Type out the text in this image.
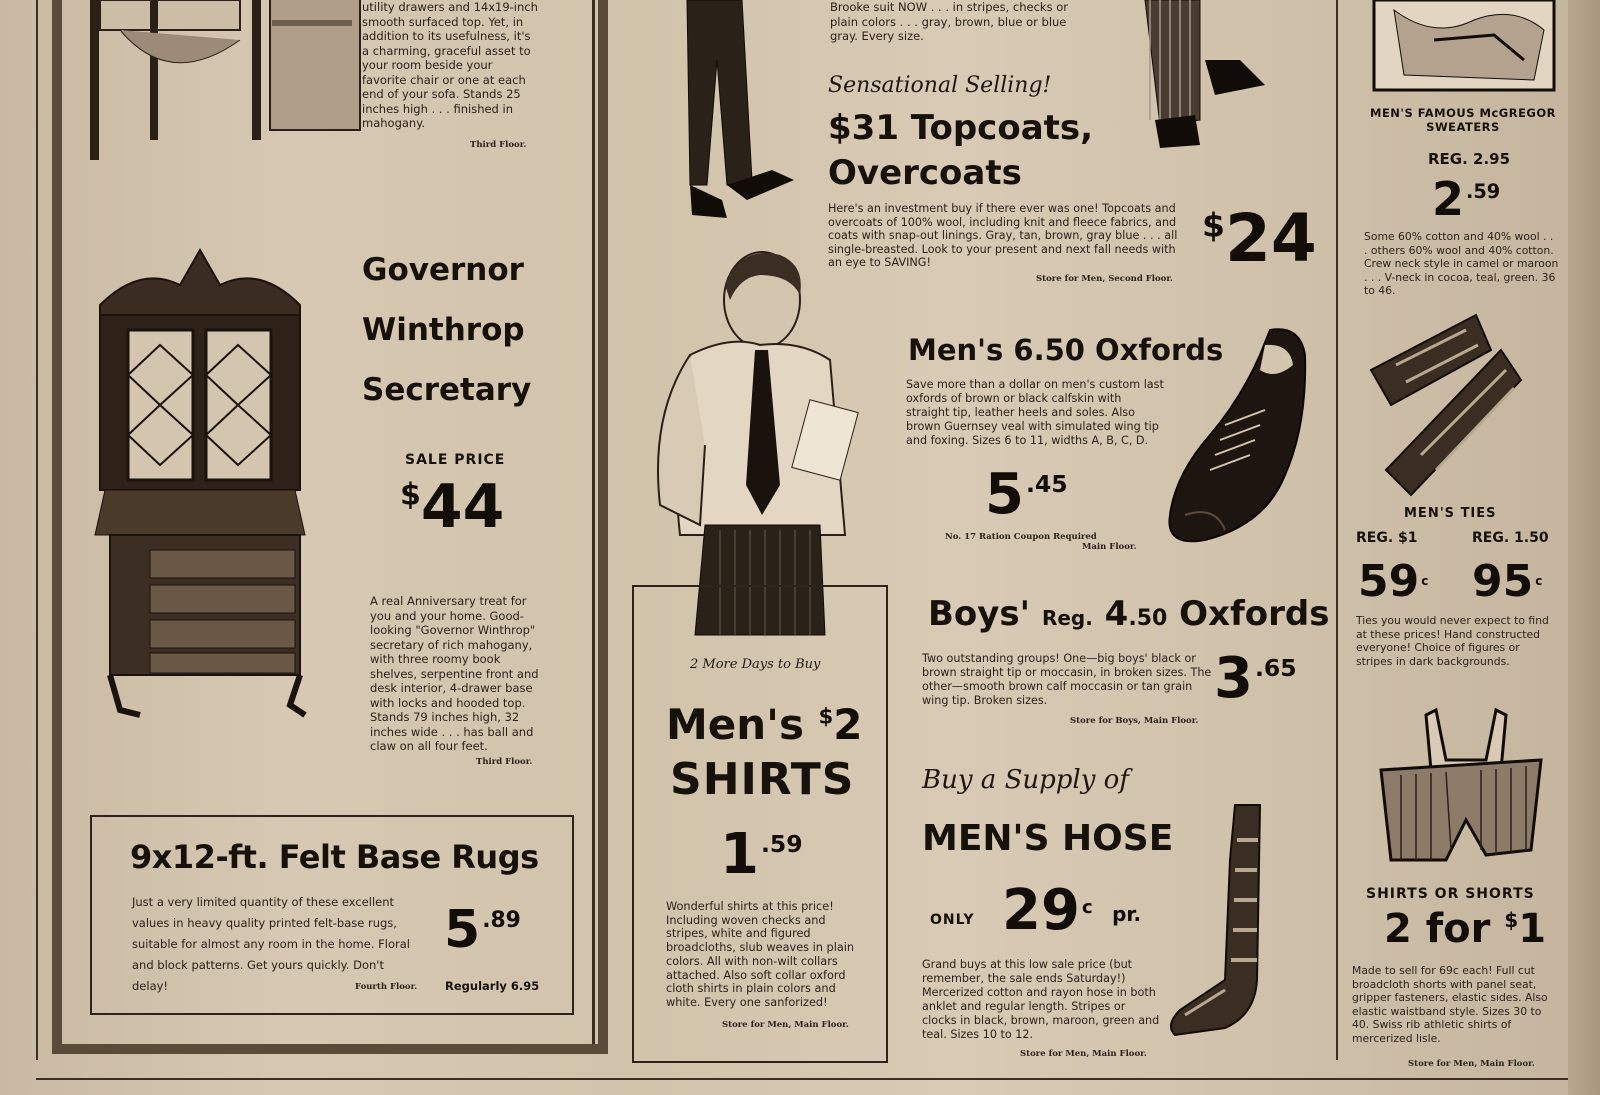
utility drawers and 14x19-inch smooth surfaced top. Yet, in addition to its usefulness, it's a charming, graceful asset to your room beside your favorite chair or one at each end of your sofa. Stands 25 inches high . . . finished in mahogany.
Third Floor.
Governor
Winthrop
Secretary
SALE PRICE
$44
A real Anniversary treat for you and your home. Good-looking "Governor Winthrop" secretary of rich mahogany, with three roomy book shelves, serpentine front and desk interior, 4-drawer base with locks and hooded top. Stands 79 inches high, 32 inches wide . . . has ball and claw on all four feet.
Third Floor.
9x12-ft. Felt Base Rugs
Just a very limited quantity of these excellent values in heavy quality printed felt-base rugs, suitable for almost any room in the home. Floral and block patterns. Get yours quickly. Don't delay!
$5^{.89}$
Fourth Floor. Regularly 6.95
2 More Days to Buy
Men's $2
SHIRTS
$1^{.59}$
Wonderful shirts at this price! Including woven checks and stripes, white and figured broadcloths, slub weaves in plain colors. All with non-wilt collars attached. Also soft collar oxford cloth shirts in plain colors and white. Every one sanforized!
Store for Men, Main Floor.
Brooke suit NOW . . . in stripes, checks or plain colors . . . gray, brown, blue or blue gray. Every size.
Sensational Selling!
$31 Topcoats,
Overcoats
Here's an investment buy if there ever was one! Topcoats and overcoats of 100% wool, including knit and fleece fabrics, and coats with snap-out linings. Gray, tan, brown, gray blue . . . all single-breasted. Look to your present and next fall needs with an eye to SAVING!
Store for Men, Second Floor.
$24
Men's 6.50 Oxfords
Save more than a dollar on men's custom last oxfords of brown or black calfskin with straight tip, leather heels and soles. Also brown Guernsey veal with simulated wing tip and foxing. Sizes 6 to 11, widths A, B, C, D.
$5^{.45}$
No. 17 Ration Coupon Required
Main Floor.
Boys' Reg. 4.50 Oxfords
Two outstanding groups! One—big boys' black or brown straight tip or moccasin, in broken sizes. The other—smooth brown calf moccasin or tan grain wing tip. Broken sizes.	$3^{.65}$
Store for Boys, Main Floor.
Buy a Supply of
MEN'S HOSE
ONLY 29 $^c$ pr.
Grand buys at this low sale price (but remember, the sale ends Saturday!) Mercerized cotton and rayon hose in both anklet and regular length. Stripes or clocks in black, brown, maroon, green and teal. Sizes 10 to 12.
Store for Men, Main Floor.
MEN'S FAMOUS McGREGOR SWEATERS
REG. 2.95
2 $^{.59}$
Some 60% cotton and 40% wool . . . others 60% wool and 40% cotton. Crew neck style in camel or maroon . . . V-neck in cocoa, teal, green. 36 to 46.
MEN'S TIES
REG. $1	REG. 1.50
59 $^c$ 95 $^c$
Ties you would never expect to find at these prices! Hand constructed everyone! Choice of figures or stripes in dark backgrounds.
SHIRTS OR SHORTS
2 for $1
Made to sell for 69c each! Full cut broadcloth shorts with panel seat, gripper fasteners, elastic sides. Also elastic waistband style. Sizes 30 to 40. Swiss rib athletic shirts of mercerized lisle.
Store for Men, Main Floor.
